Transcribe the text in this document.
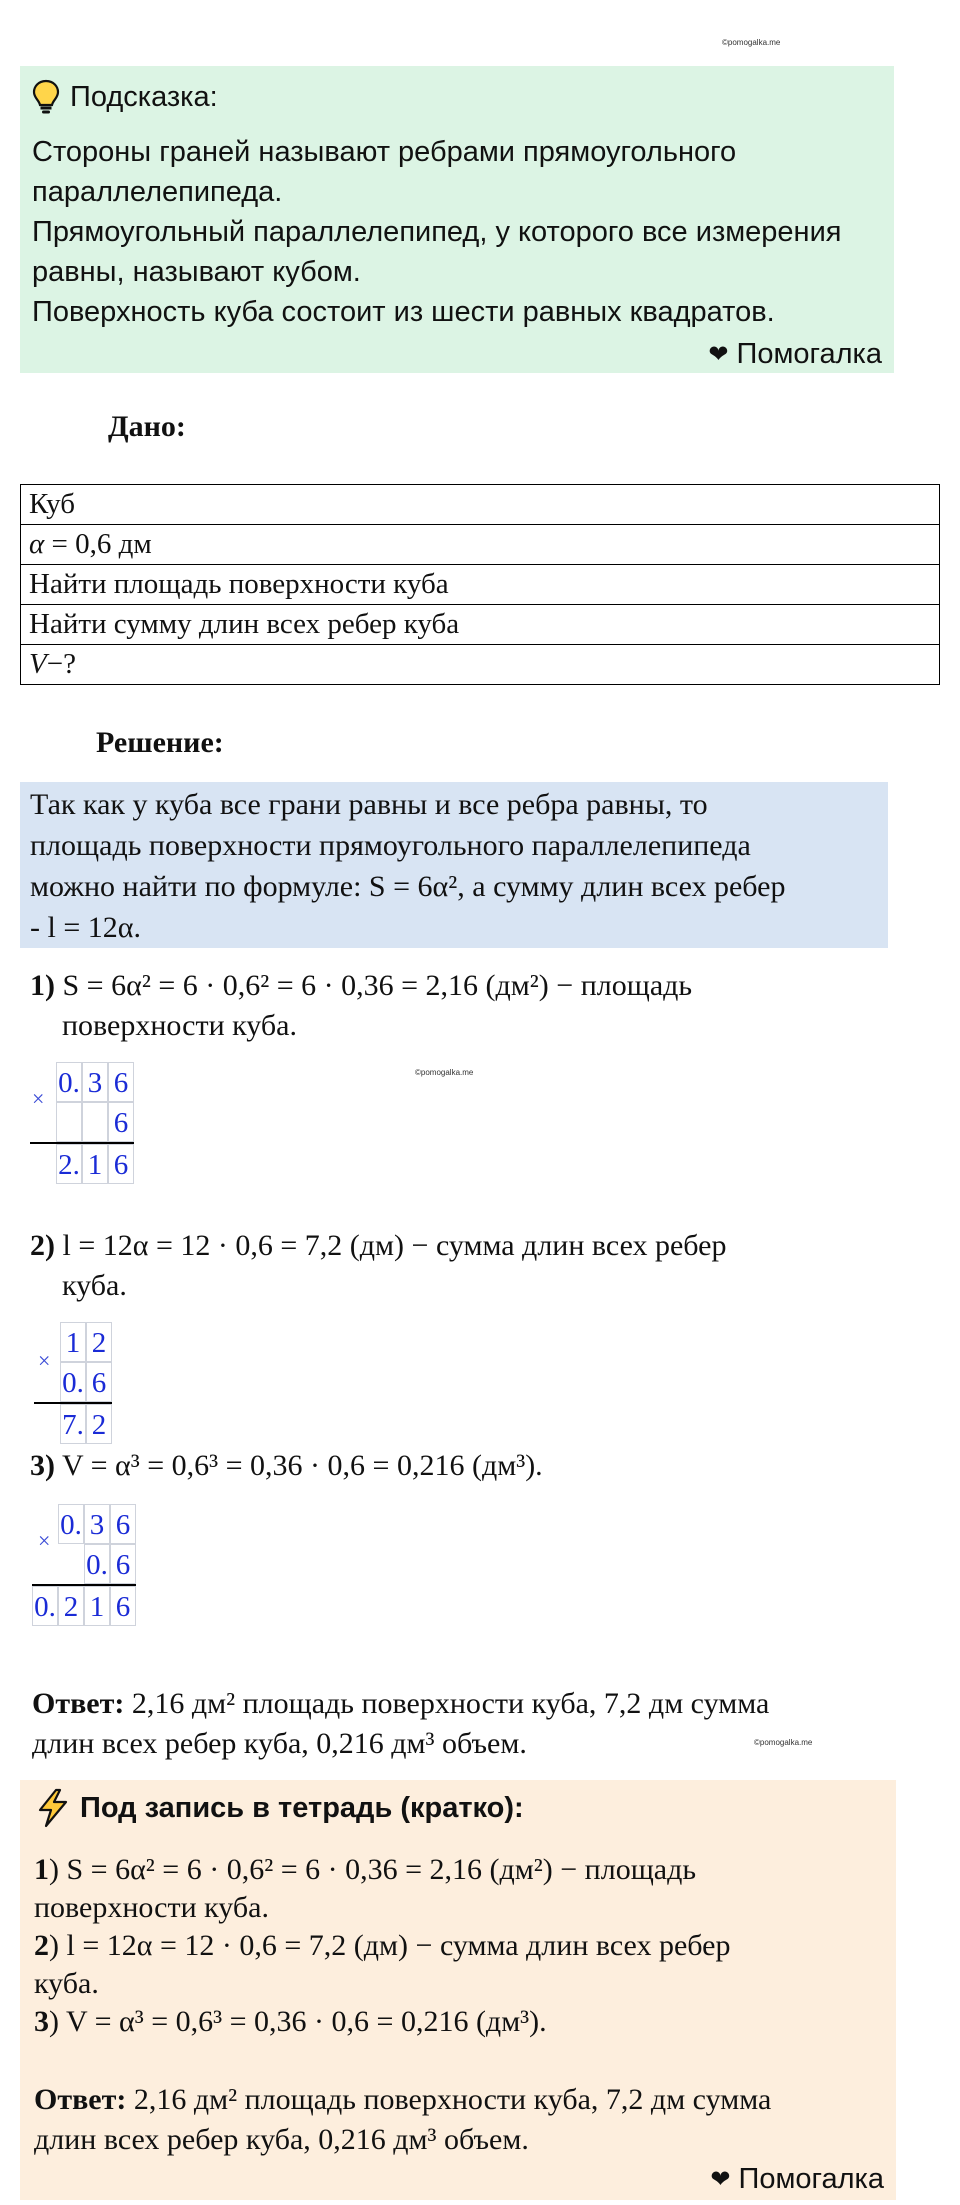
©pomogalka.me
©pomogalka.me
©pomogalka.me
Подсказка:
Стороны граней называют ребрами прямоугольного
параллелепипеда.
Прямоугольный параллелепипед, у которого все измерения
равны, называют кубом.
Поверхность куба состоит из шести равных квадратов.
❤ Помогалка
Дано:
Куб
α = 0,6 дм
Найти площадь поверхности куба
Найти сумму длин всех ребер куба
V−?
Решение:
Так как у куба все грани равны и все ребра равны, то
площадь поверхности прямоугольного параллелепипеда
можно найти по формуле: S = 6α², а сумму длин всех ребер
- l = 12α.
1) S = 6α² = 6 · 0,6² = 6 · 0,36 = 2,16 (дм²) − площадь
поверхности куба.
× 0. 3 6
6
2. 1 6
2) l = 12α = 12 · 0,6 = 7,2 (дм) − сумма длин всех ребер
куба.
×
1 2
0. 6
7. 2
3) V = α³ = 0,6³ = 0,36 · 0,6 = 0,216 (дм³).
× 0. 3 6
0. 6
0. 2 1 6
Ответ: 2,16 дм² площадь поверхности куба, 7,2 дм сумма
длин всех ребер куба, 0,216 дм³ объем.
Под запись в тетрадь (кратко):
1) S = 6α² = 6 · 0,6² = 6 · 0,36 = 2,16 (дм²) − площадь
поверхности куба.
2) l = 12α = 12 · 0,6 = 7,2 (дм) − сумма длин всех ребер
куба.
3) V = α³ = 0,6³ = 0,36 · 0,6 = 0,216 (дм³).
Ответ: 2,16 дм² площадь поверхности куба, 7,2 дм сумма
длин всех ребер куба, 0,216 дм³ объем.
❤ Помогалка
